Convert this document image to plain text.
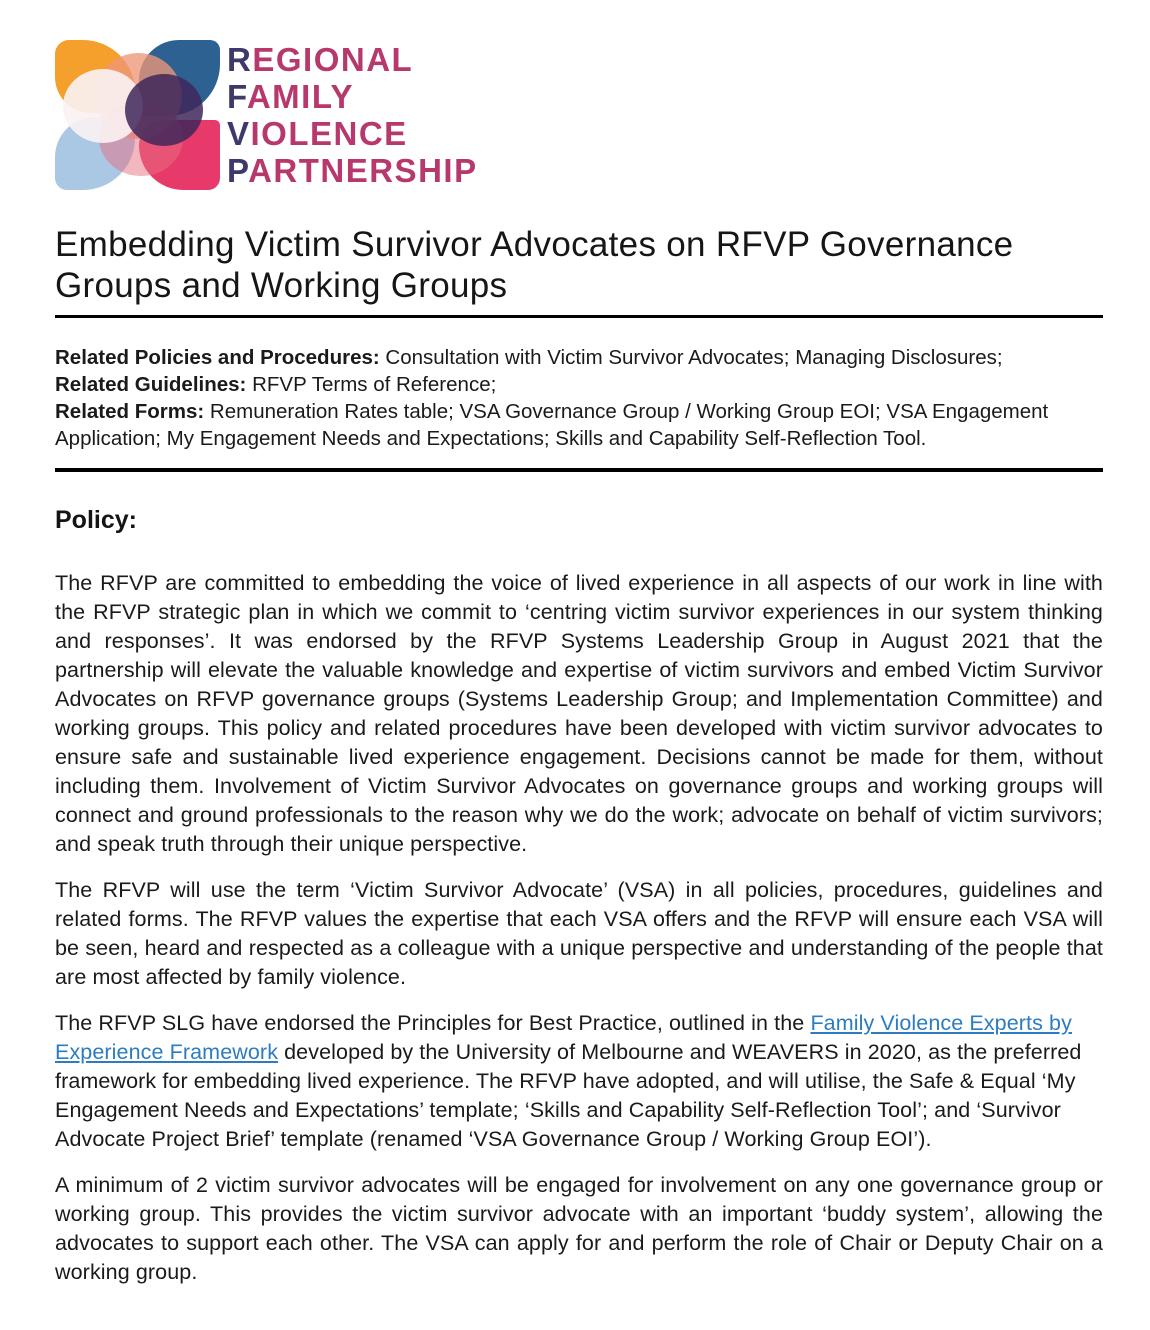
REGIONAL
FAMILY
VIOLENCE
PARTNERSHIP
Embedding Victim Survivor Advocates on RFVP Governance
Groups and Working Groups

Related Policies and Procedures: Consultation with Victim Survivor Advocates; Managing Disclosures;

Related Guidelines: RFVP Terms of Reference;

Related Forms: Remuneration Rates table; VSA Governance Group / Working Group EOI; VSA Engagement Application; My Engagement Needs and Expectations; Skills and Capability Self-Reflection Tool.

Policy:

The RFVP are committed to embedding the voice of lived experience in all aspects of our work in line with the RFVP strategic plan in which we commit to ‘centring victim survivor experiences in our system thinking and responses’. It was endorsed by the RFVP Systems Leadership Group in August 2021 that the partnership will elevate the valuable knowledge and expertise of victim survivors and embed Victim Survivor Advocates on RFVP governance groups (Systems Leadership Group; and Implementation Committee) and working groups. This policy and related procedures have been developed with victim survivor advocates to ensure safe and sustainable lived experience engagement. Decisions cannot be made for them, without including them. Involvement of Victim Survivor Advocates on governance groups and working groups will connect and ground professionals to the reason why we do the work; advocate on behalf of victim survivors; and speak truth through their unique perspective.

The RFVP will use the term ‘Victim Survivor Advocate’ (VSA) in all policies, procedures, guidelines and related forms. The RFVP values the expertise that each VSA offers and the RFVP will ensure each VSA will be seen, heard and respected as a colleague with a unique perspective and understanding of the people that are most affected by family violence.

The RFVP SLG have endorsed the Principles for Best Practice, outlined in the Family Violence Experts by Experience Framework developed by the University of Melbourne and WEAVERS in 2020, as the preferred framework for embedding lived experience. The RFVP have adopted, and will utilise, the Safe & Equal ‘My Engagement Needs and Expectations’ template; ‘Skills and Capability Self-Reflection Tool’; and ‘Survivor Advocate Project Brief’ template (renamed ‘VSA Governance Group / Working Group EOI’).

A minimum of 2 victim survivor advocates will be engaged for involvement on any one governance group or working group. This provides the victim survivor advocate with an important ‘buddy system’, allowing the advocates to support each other. The VSA can apply for and perform the role of Chair or Deputy Chair on a working group.
